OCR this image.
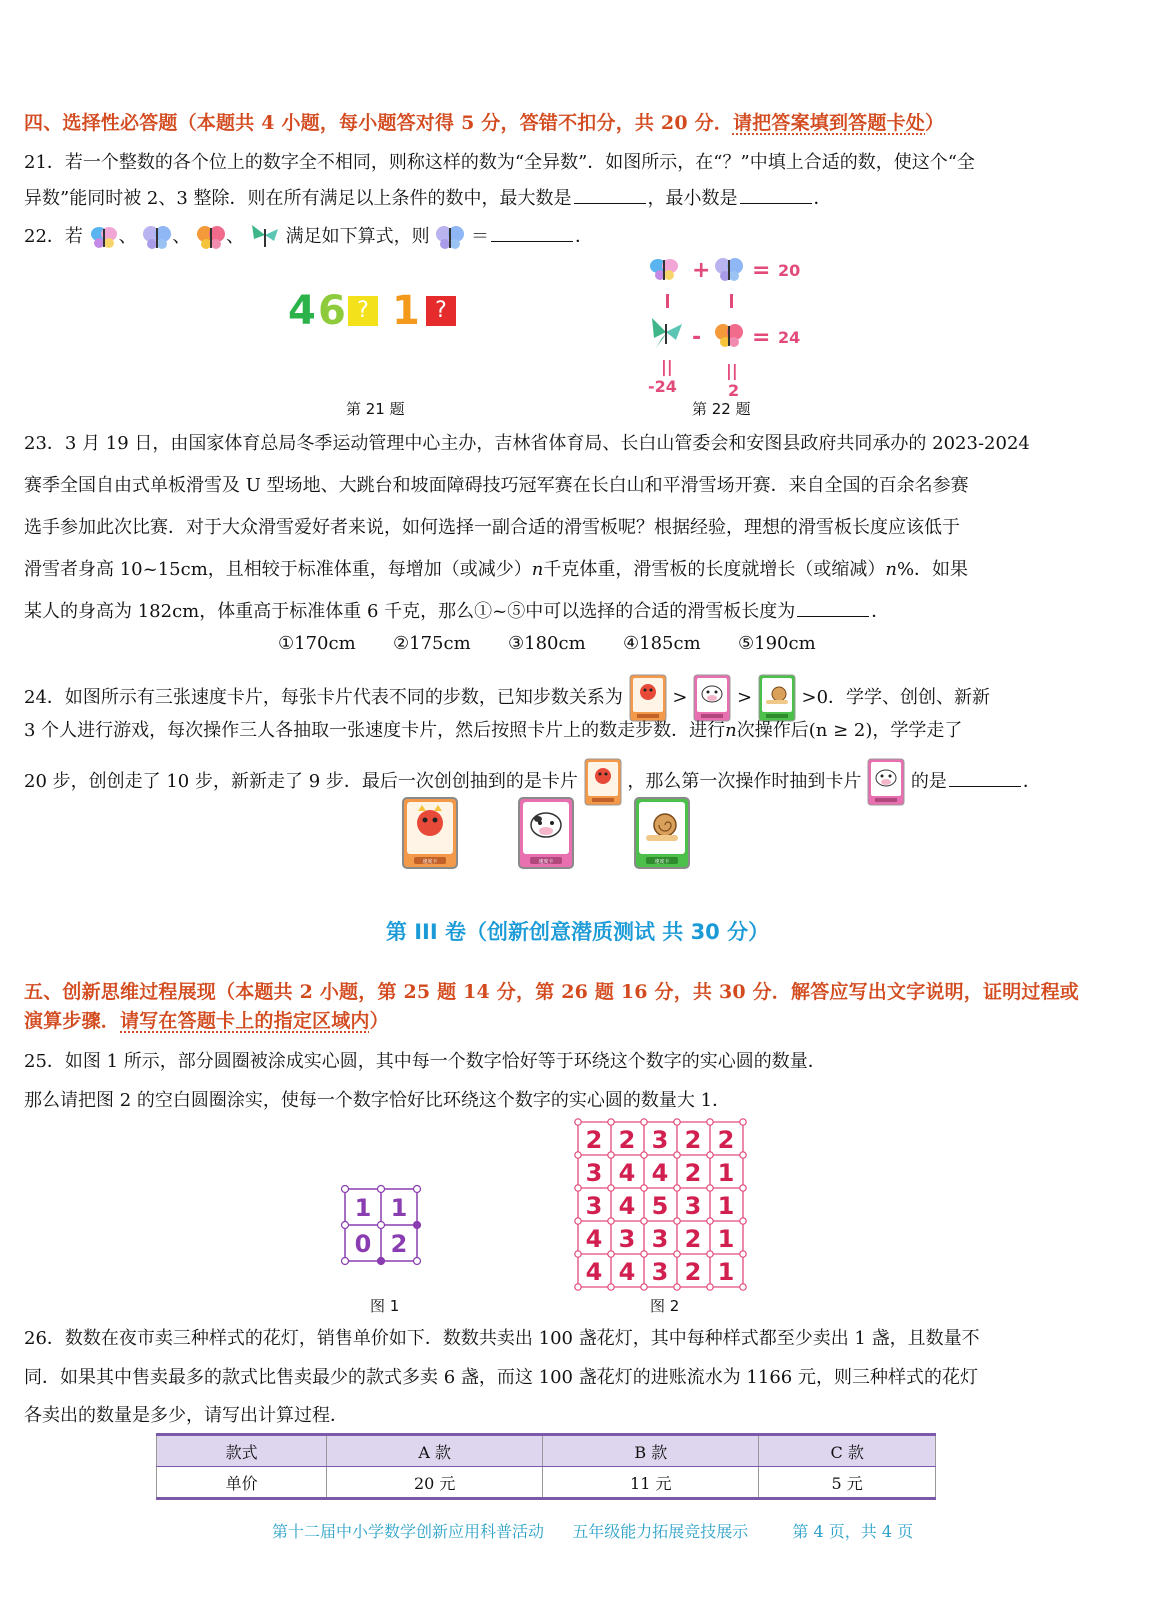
四、选择性必答题（本题共 4 小题，每小题答对得 5 分，答错不扣分，共 20 分．请把答案填到答题卡处）
21．若一个整数的各个位上的数字全不相同，则称这样的数为“全异数”．如图所示，在“？”中填上合适的数，使这个“全
异数”能同时被 2、3 整除．则在所有满足以上条件的数中，最大数是	，最小数是	．
22．若 、 、 、 满足如下算式，则 ＝	．
4 6 ? 1 ?
第 21 题
+ = 20
- = 24
||	||
-24	2
第 22 题
23．3 月 19 日，由国家体育总局冬季运动管理中心主办，吉林省体育局、长白山管委会和安图县政府共同承办的 2023-2024
赛季全国自由式单板滑雪及 U 型场地、大跳台和坡面障碍技巧冠军赛在长白山和平滑雪场开赛．来自全国的百余名参赛
选手参加此次比赛．对于大众滑雪爱好者来说，如何选择一副合适的滑雪板呢？根据经验，理想的滑雪板长度应该低于
滑雪者身高 10~15cm，且相较于标准体重，每增加（或减少）n千克体重，滑雪板的长度就增长（或缩减）n%．如果
某人的身高为 182cm，体重高于标准体重 6 千克，那么①~⑤中可以选择的合适的滑雪板长度为	．
①170cm ②175cm ③180cm ④185cm ⑤190cm
24．如图所示有三张速度卡片，每张卡片代表不同的步数，已知步数关系为	>	>	>0．学学、创创、新新
3 个人进行游戏，每次操作三人各抽取一张速度卡片，然后按照卡片上的数走步数．进行n次操作后(n ≥ 2)，学学走了
20 步，创创走了 10 步，新新走了 9 步．最后一次创创抽到的是卡片	，那么第一次操作时抽到卡片	的是	．
速度卡	速度卡	速度卡
第 III 卷（创新创意潜质测试 共 30 分）
五、创新思维过程展现（本题共 2 小题，第 25 题 14 分，第 26 题 16 分，共 30 分．解答应写出文字说明，证明过程或
演算步骤．请写在答题卡上的指定区域内）
25．如图 1 所示，部分圆圈被涂成实心圆，其中每一个数字恰好等于环绕这个数字的实心圆的数量．
那么请把图 2 的空白圆圈涂实，使每一个数字恰好比环绕这个数字的实心圆的数量大 1．
1 1
0 2
图 1
2 2 3 2 2
3 4 4 2 1
3 4 5 3 1
4 3 3 2 1
4 4 3 2 1
图 2
26．数数在夜市卖三种样式的花灯，销售单价如下．数数共卖出 100 盏花灯，其中每种样式都至少卖出 1 盏，且数量不
同．如果其中售卖最多的款式比售卖最少的款式多卖 6 盏，而这 100 盏花灯的进账流水为 1166 元，则三种样式的花灯
各卖出的数量是多少，请写出计算过程．
款式	A 款	B 款	C 款
单价	20 元	11 元	5 元
第十二届中小学数学创新应用科普活动 五年级能力拓展竞技展示	第 4 页，共 4 页
